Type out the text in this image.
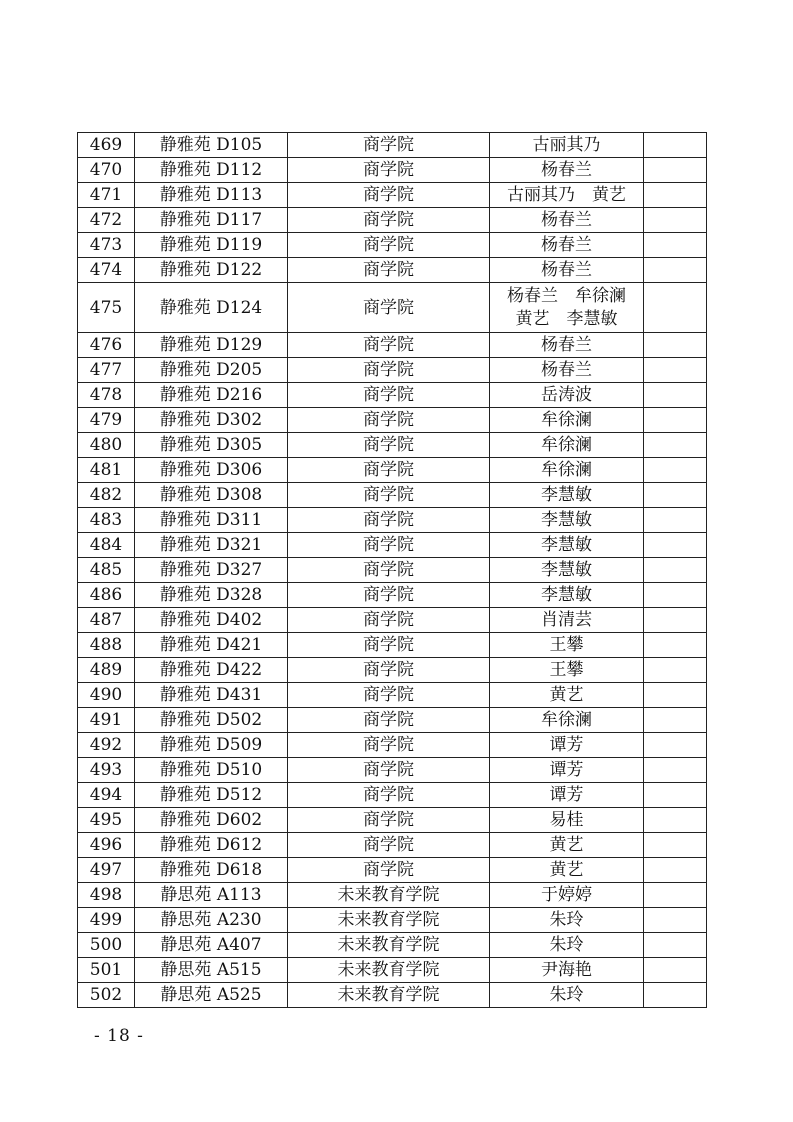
469	静雅苑 D105	商学院	古丽其乃	

470	静雅苑 D112	商学院	杨春兰	

471	静雅苑 D113	商学院	古丽其乃　黄艺	

472	静雅苑 D117	商学院	杨春兰	

473	静雅苑 D119	商学院	杨春兰	

474	静雅苑 D122	商学院	杨春兰	

475	静雅苑 D124	商学院	杨春兰　牟徐澜
黄艺　李慧敏	

476	静雅苑 D129	商学院	杨春兰	

477	静雅苑 D205	商学院	杨春兰	

478	静雅苑 D216	商学院	岳涛波	

479	静雅苑 D302	商学院	牟徐澜	

480	静雅苑 D305	商学院	牟徐澜	

481	静雅苑 D306	商学院	牟徐澜	

482	静雅苑 D308	商学院	李慧敏	

483	静雅苑 D311	商学院	李慧敏	

484	静雅苑 D321	商学院	李慧敏	

485	静雅苑 D327	商学院	李慧敏	

486	静雅苑 D328	商学院	李慧敏	

487	静雅苑 D402	商学院	肖清芸	

488	静雅苑 D421	商学院	王攀	

489	静雅苑 D422	商学院	王攀	

490	静雅苑 D431	商学院	黄艺	

491	静雅苑 D502	商学院	牟徐澜	

492	静雅苑 D509	商学院	谭芳	

493	静雅苑 D510	商学院	谭芳	

494	静雅苑 D512	商学院	谭芳	

495	静雅苑 D602	商学院	易桂	

496	静雅苑 D612	商学院	黄艺	

497	静雅苑 D618	商学院	黄艺	

498	静思苑 A113	未来教育学院	于婷婷	

499	静思苑 A230	未来教育学院	朱玲	

500	静思苑 A407	未来教育学院	朱玲	

501	静思苑 A515	未来教育学院	尹海艳	

502	静思苑 A525	未来教育学院	朱玲	

- 18 -
